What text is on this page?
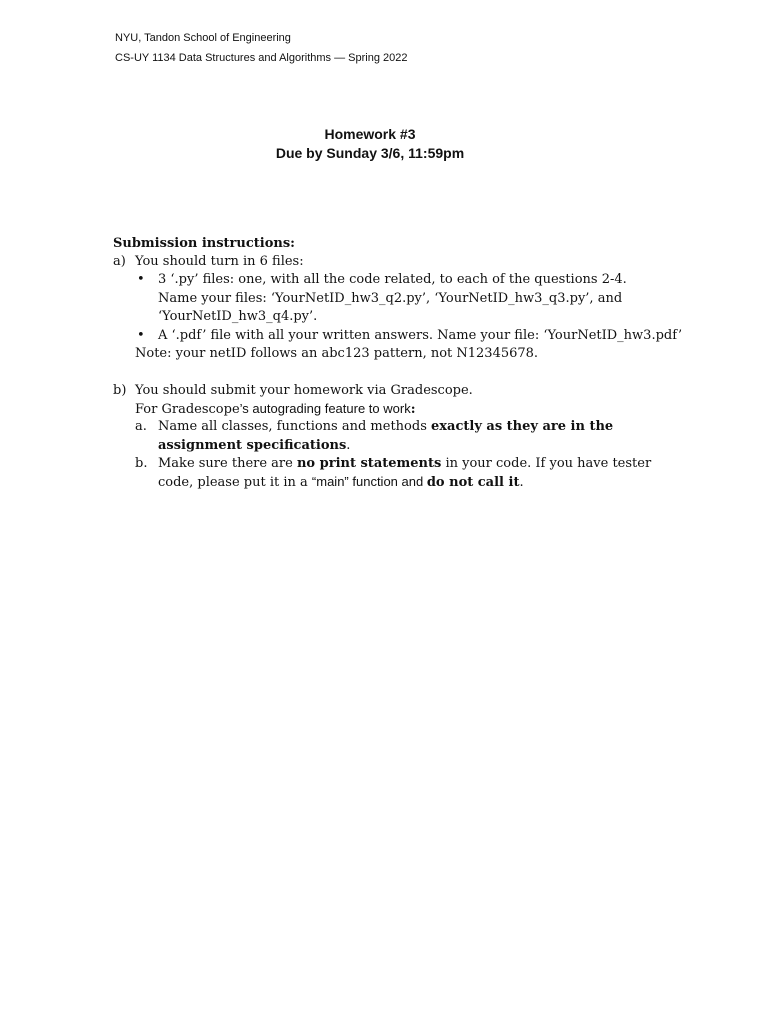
NYU, Tandon School of Engineering
CS-UY 1134 Data Structures and Algorithms — Spring 2022
Homework #3
Due by Sunday 3/6, 11:59pm
Submission instructions:
a) You should turn in 6 files:
• 3 ‘.py’ files: one, with all the code related, to each of the questions 2-4.
Name your files: ‘YourNetID_hw3_q2.py’, ‘YourNetID_hw3_q3.py’, and
‘YourNetID_hw3_q4.py’.
• A ‘.pdf’ file with all your written answers. Name your file: ‘YourNetID_hw3.pdf’
Note: your netID follows an abc123 pattern, not N12345678.
b) You should submit your homework via Gradescope.
For Gradescope’s autograding feature to work:
a. Name all classes, functions and methods exactly as they are in the
assignment specifications.
b. Make sure there are no print statements in your code. If you have tester
code, please put it in a “main” function and do not call it.
